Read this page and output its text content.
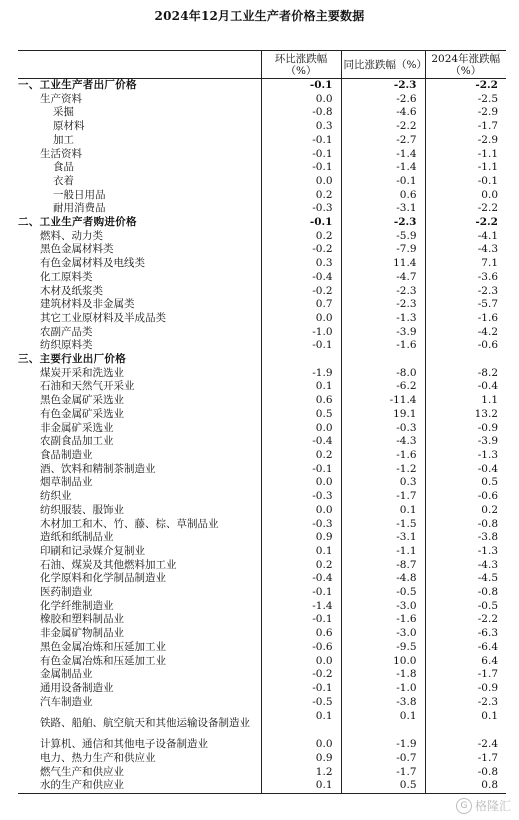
2024年12月工业生产者价格主要数据
	环比涨跌幅（%）	同比涨跌幅（%）	2024年涨跌幅（%）
一、工业生产者出厂价格	-0.1	-2.3	-2.2
生产资料	0.0	-2.6	-2.5
采掘	-0.8	-4.6	-2.9
原材料	0.3	-2.2	-1.7
加工	-0.1	-2.7	-2.9
生活资料	-0.1	-1.4	-1.1
食品	-0.1	-1.4	-1.1
衣着	0.0	-0.1	-0.1
一般日用品	0.2	0.6	0.0
耐用消费品	-0.3	-3.1	-2.2
二、工业生产者购进价格	-0.1	-2.3	-2.2
燃料、动力类	0.2	-5.9	-4.1
黑色金属材料类	-0.2	-7.9	-4.3
有色金属材料及电线类	0.3	11.4	7.1
化工原料类	-0.4	-4.7	-3.6
木材及纸浆类	-0.2	-2.3	-2.3
建筑材料及非金属类	0.7	-2.3	-5.7
其它工业原材料及半成品类	0.0	-1.3	-1.6
农副产品类	-1.0	-3.9	-4.2
纺织原料类	-0.1	-1.6	-0.6
三、主要行业出厂价格			
煤炭开采和洗选业	-1.9	-8.0	-8.2
石油和天然气开采业	0.1	-6.2	-0.4
黑色金属矿采选业	0.6	-11.4	1.1
有色金属矿采选业	0.5	19.1	13.2
非金属矿采选业	0.0	-0.3	-0.9
农副食品加工业	-0.4	-4.3	-3.9
食品制造业	0.2	-1.6	-1.3
酒、饮料和精制茶制造业	-0.1	-1.2	-0.4
烟草制品业	0.0	0.3	0.5
纺织业	-0.3	-1.7	-0.6
纺织服装、服饰业	0.0	0.1	0.2
木材加工和木、竹、藤、棕、草制品业	-0.3	-1.5	-0.8
造纸和纸制品业	0.9	-3.1	-3.8
印刷和记录媒介复制业	0.1	-1.1	-1.3
石油、煤炭及其他燃料加工业	0.2	-8.7	-4.3
化学原料和化学制品制造业	-0.4	-4.8	-4.5
医药制造业	-0.1	-0.5	-0.8
化学纤维制造业	-1.4	-3.0	-0.5
橡胶和塑料制品业	-0.1	-1.6	-2.2
非金属矿物制品业	0.6	-3.0	-6.3
黑色金属冶炼和压延加工业	-0.6	-9.5	-6.4
有色金属冶炼和压延加工业	0.0	10.0	6.4
金属制品业	-0.2	-1.8	-1.7
通用设备制造业	-0.1	-1.0	-0.9
汽车制造业	-0.5	-3.8	-2.3
铁路、船舶、航空航天和其他运输设备制造业	0.1	0.1	0.1
计算机、通信和其他电子设备制造业	0.0	-1.9	-2.4
电力、热力生产和供应业	0.9	-0.7	-1.7
燃气生产和供应业	1.2	-1.7	-0.8
水的生产和供应业	0.1	0.5	0.8
G 格隆汇
